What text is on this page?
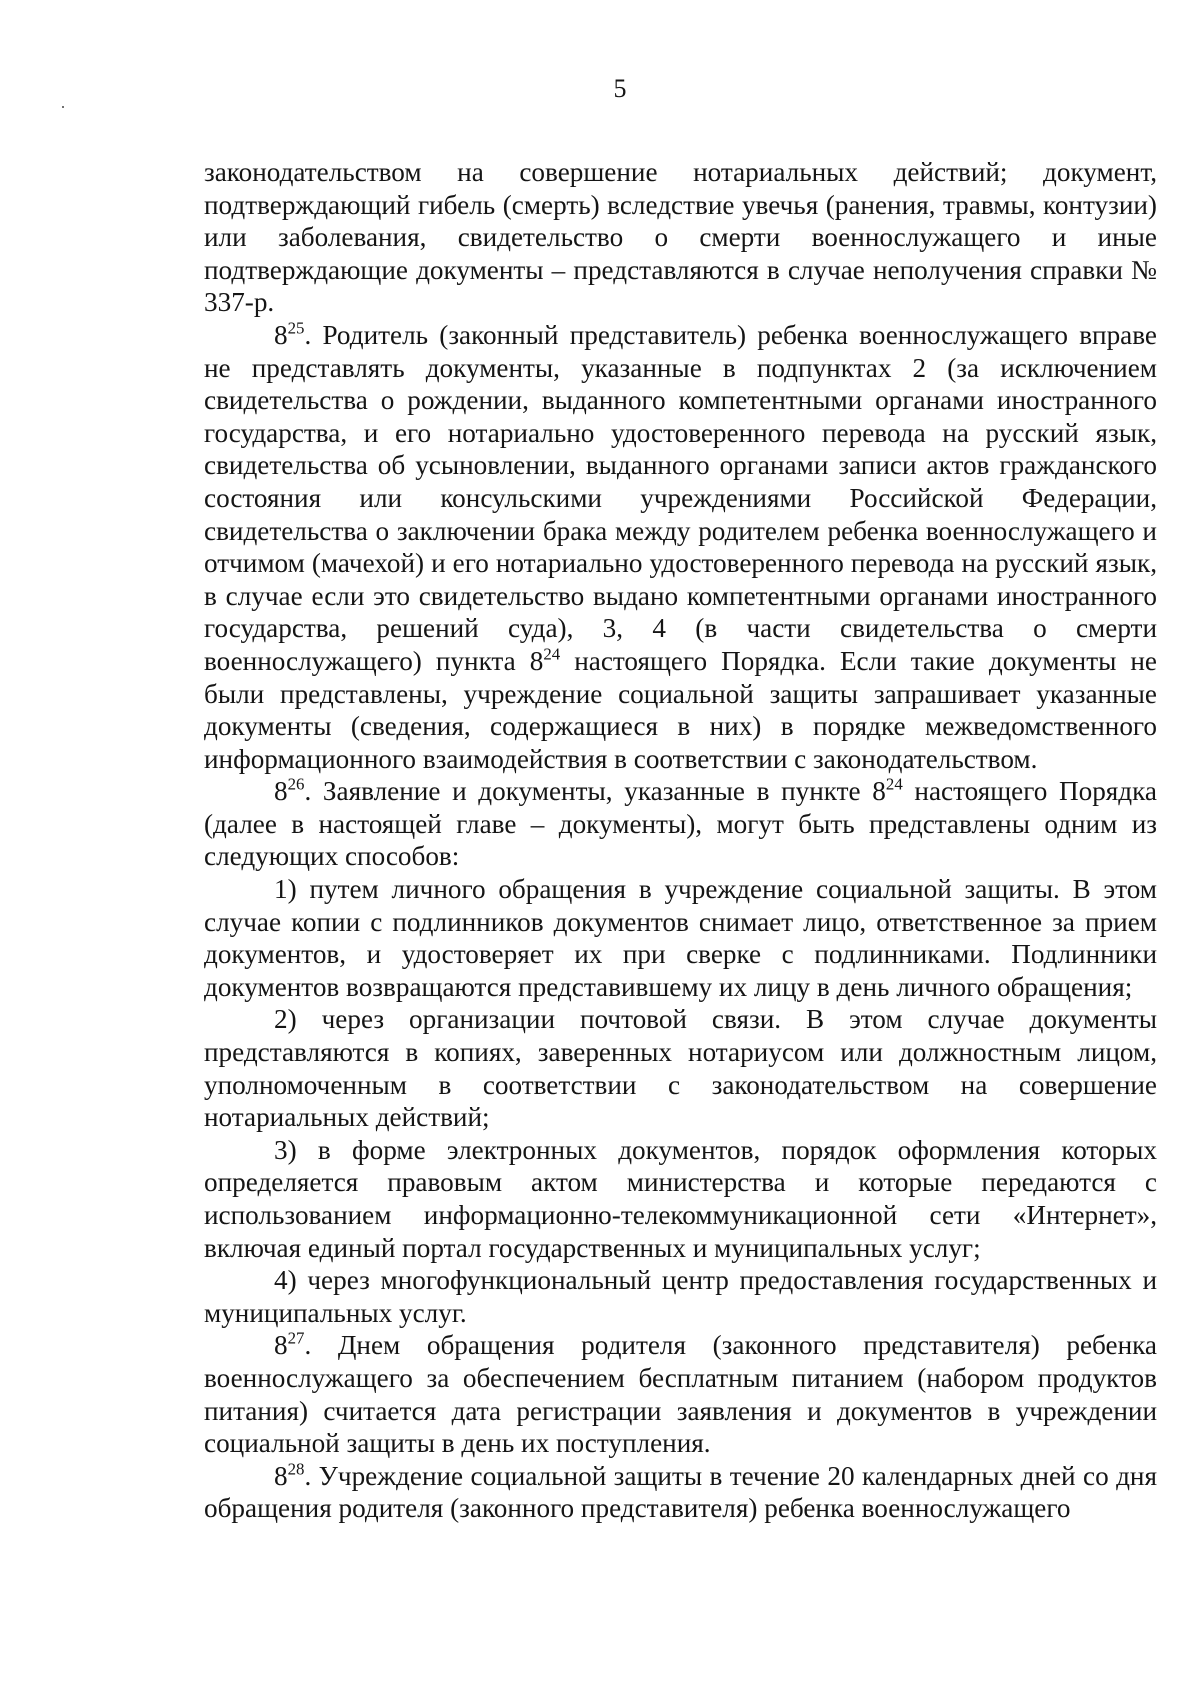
5

законодательством на совершение нотариальных действий; документ, подтверждающий гибель (смерть) вследствие увечья (ранения, травмы, контузии) или заболевания, свидетельство о смерти военнослужащего и иные подтверждающие документы – представляются в случае неполучения справки № 337-р.

$8^{25}$. Родитель (законный представитель) ребенка военнослужащего вправе не представлять документы, указанные в подпунктах 2 (за исключением свидетельства о рождении, выданного компетентными органами иностранного государства, и его нотариально удостоверенного перевода на русский язык, свидетельства об усыновлении, выданного органами записи актов гражданского состояния или консульскими учреждениями Российской Федерации, свидетельства о заключении брака между родителем ребенка военнослужащего и отчимом (мачехой) и его нотариально удостоверенного перевода на русский язык, в случае если это свидетельство выдано компетентными органами иностранного государства, решений суда), 3, 4 (в части свидетельства о смерти военнослужащего) пункта $8^{24}$ настоящего Порядка. Если такие документы не были представлены, учреждение социальной защиты запрашивает указанные документы (сведения, содержащиеся в них) в порядке межведомственного информационного взаимодействия в соответствии с законодательством.

$8^{26}$. Заявление и документы, указанные в пункте $8^{24}$ настоящего Порядка (далее в настоящей главе – документы), могут быть представлены одним из следующих способов:

1) путем личного обращения в учреждение социальной защиты. В этом случае копии с подлинников документов снимает лицо, ответственное за прием документов, и удостоверяет их при сверке с подлинниками. Подлинники документов возвращаются представившему их лицу в день личного обращения;

2) через организации почтовой связи. В этом случае документы представляются в копиях, заверенных нотариусом или должностным лицом, уполномоченным в соответствии с законодательством на совершение нотариальных действий;

3) в форме электронных документов, порядок оформления которых определяется правовым актом министерства и которые передаются с использованием информационно-телекоммуникационной сети «Интернет», включая единый портал государственных и муниципальных услуг;

4) через многофункциональный центр предоставления государственных и муниципальных услуг.

$8^{27}$. Днем обращения родителя (законного представителя) ребенка военнослужащего за обеспечением бесплатным питанием (набором продуктов питания) считается дата регистрации заявления и документов в учреждении социальной защиты в день их поступления.

$8^{28}$. Учреждение социальной защиты в течение 20 календарных дней со дня обращения родителя (законного представителя) ребенка военнослужащего
